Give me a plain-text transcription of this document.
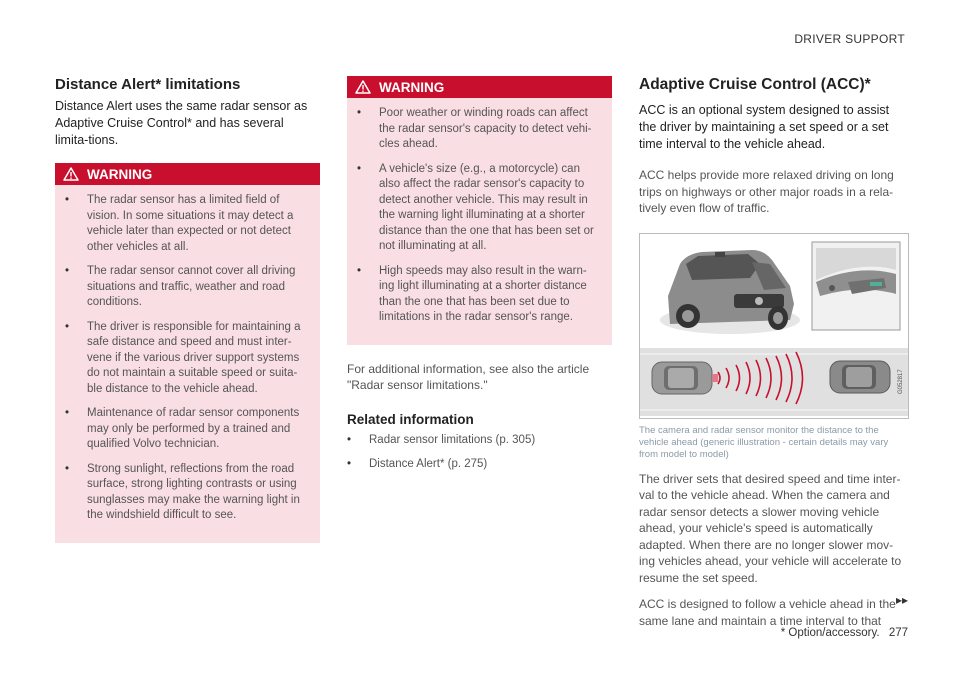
DRIVER SUPPORT
Distance Alert* limitations

Distance Alert uses the same radar sensor as Adaptive Cruise Control* and has several limita-tions.

WARNING
• The radar sensor has a limited field of vision. In some situations it may detect a vehicle later than expected or not detect other vehicles at all.
• The radar sensor cannot cover all driving situations and traffic, weather and road conditions.
• The driver is responsible for maintaining a safe distance and speed and must inter-vene if the various driver support systems do not maintain a suitable speed or suita-ble distance to the vehicle ahead.
• Maintenance of radar sensor components may only be performed by a trained and qualified Volvo technician.
• Strong sunlight, reflections from the road surface, strong lighting contrasts or using sunglasses may make the warning light in the windshield difficult to see.
WARNING
• Poor weather or winding roads can affect the radar sensor's capacity to detect vehi-cles ahead.
• A vehicle's size (e.g., a motorcycle) can also affect the radar sensor's capacity to detect another vehicle. This may result in the warning light illuminating at a shorter distance than the one that has been set or not illuminating at all.
• High speeds may also result in the warn-ing light illuminating at a shorter distance than the one that has been set due to limitations in the radar sensor's range.

For additional information, see also the article "Radar sensor limitations."

Related information
• Radar sensor limitations (p. 305)
• Distance Alert* (p. 275)
Adaptive Cruise Control (ACC)*

ACC is an optional system designed to assist the driver by maintaining a set speed or a set time interval to the vehicle ahead.

ACC helps provide more relaxed driving on long trips on highways or other major roads in a rela-tively even flow of traffic.

G052817

The camera and radar sensor monitor the distance to the vehicle ahead (generic illustration - certain details may vary from model to model)

The driver sets that desired speed and time inter-val to the vehicle ahead. When the camera and radar sensor detects a slower moving vehicle ahead, your vehicle's speed is automatically adapted. When there are no longer slower mov-ing vehicles ahead, your vehicle will accelerate to resume the set speed.

ACC is designed to follow a vehicle ahead in the same lane and maintain a time interval to that

▸▸
* Option/accessory. 277
